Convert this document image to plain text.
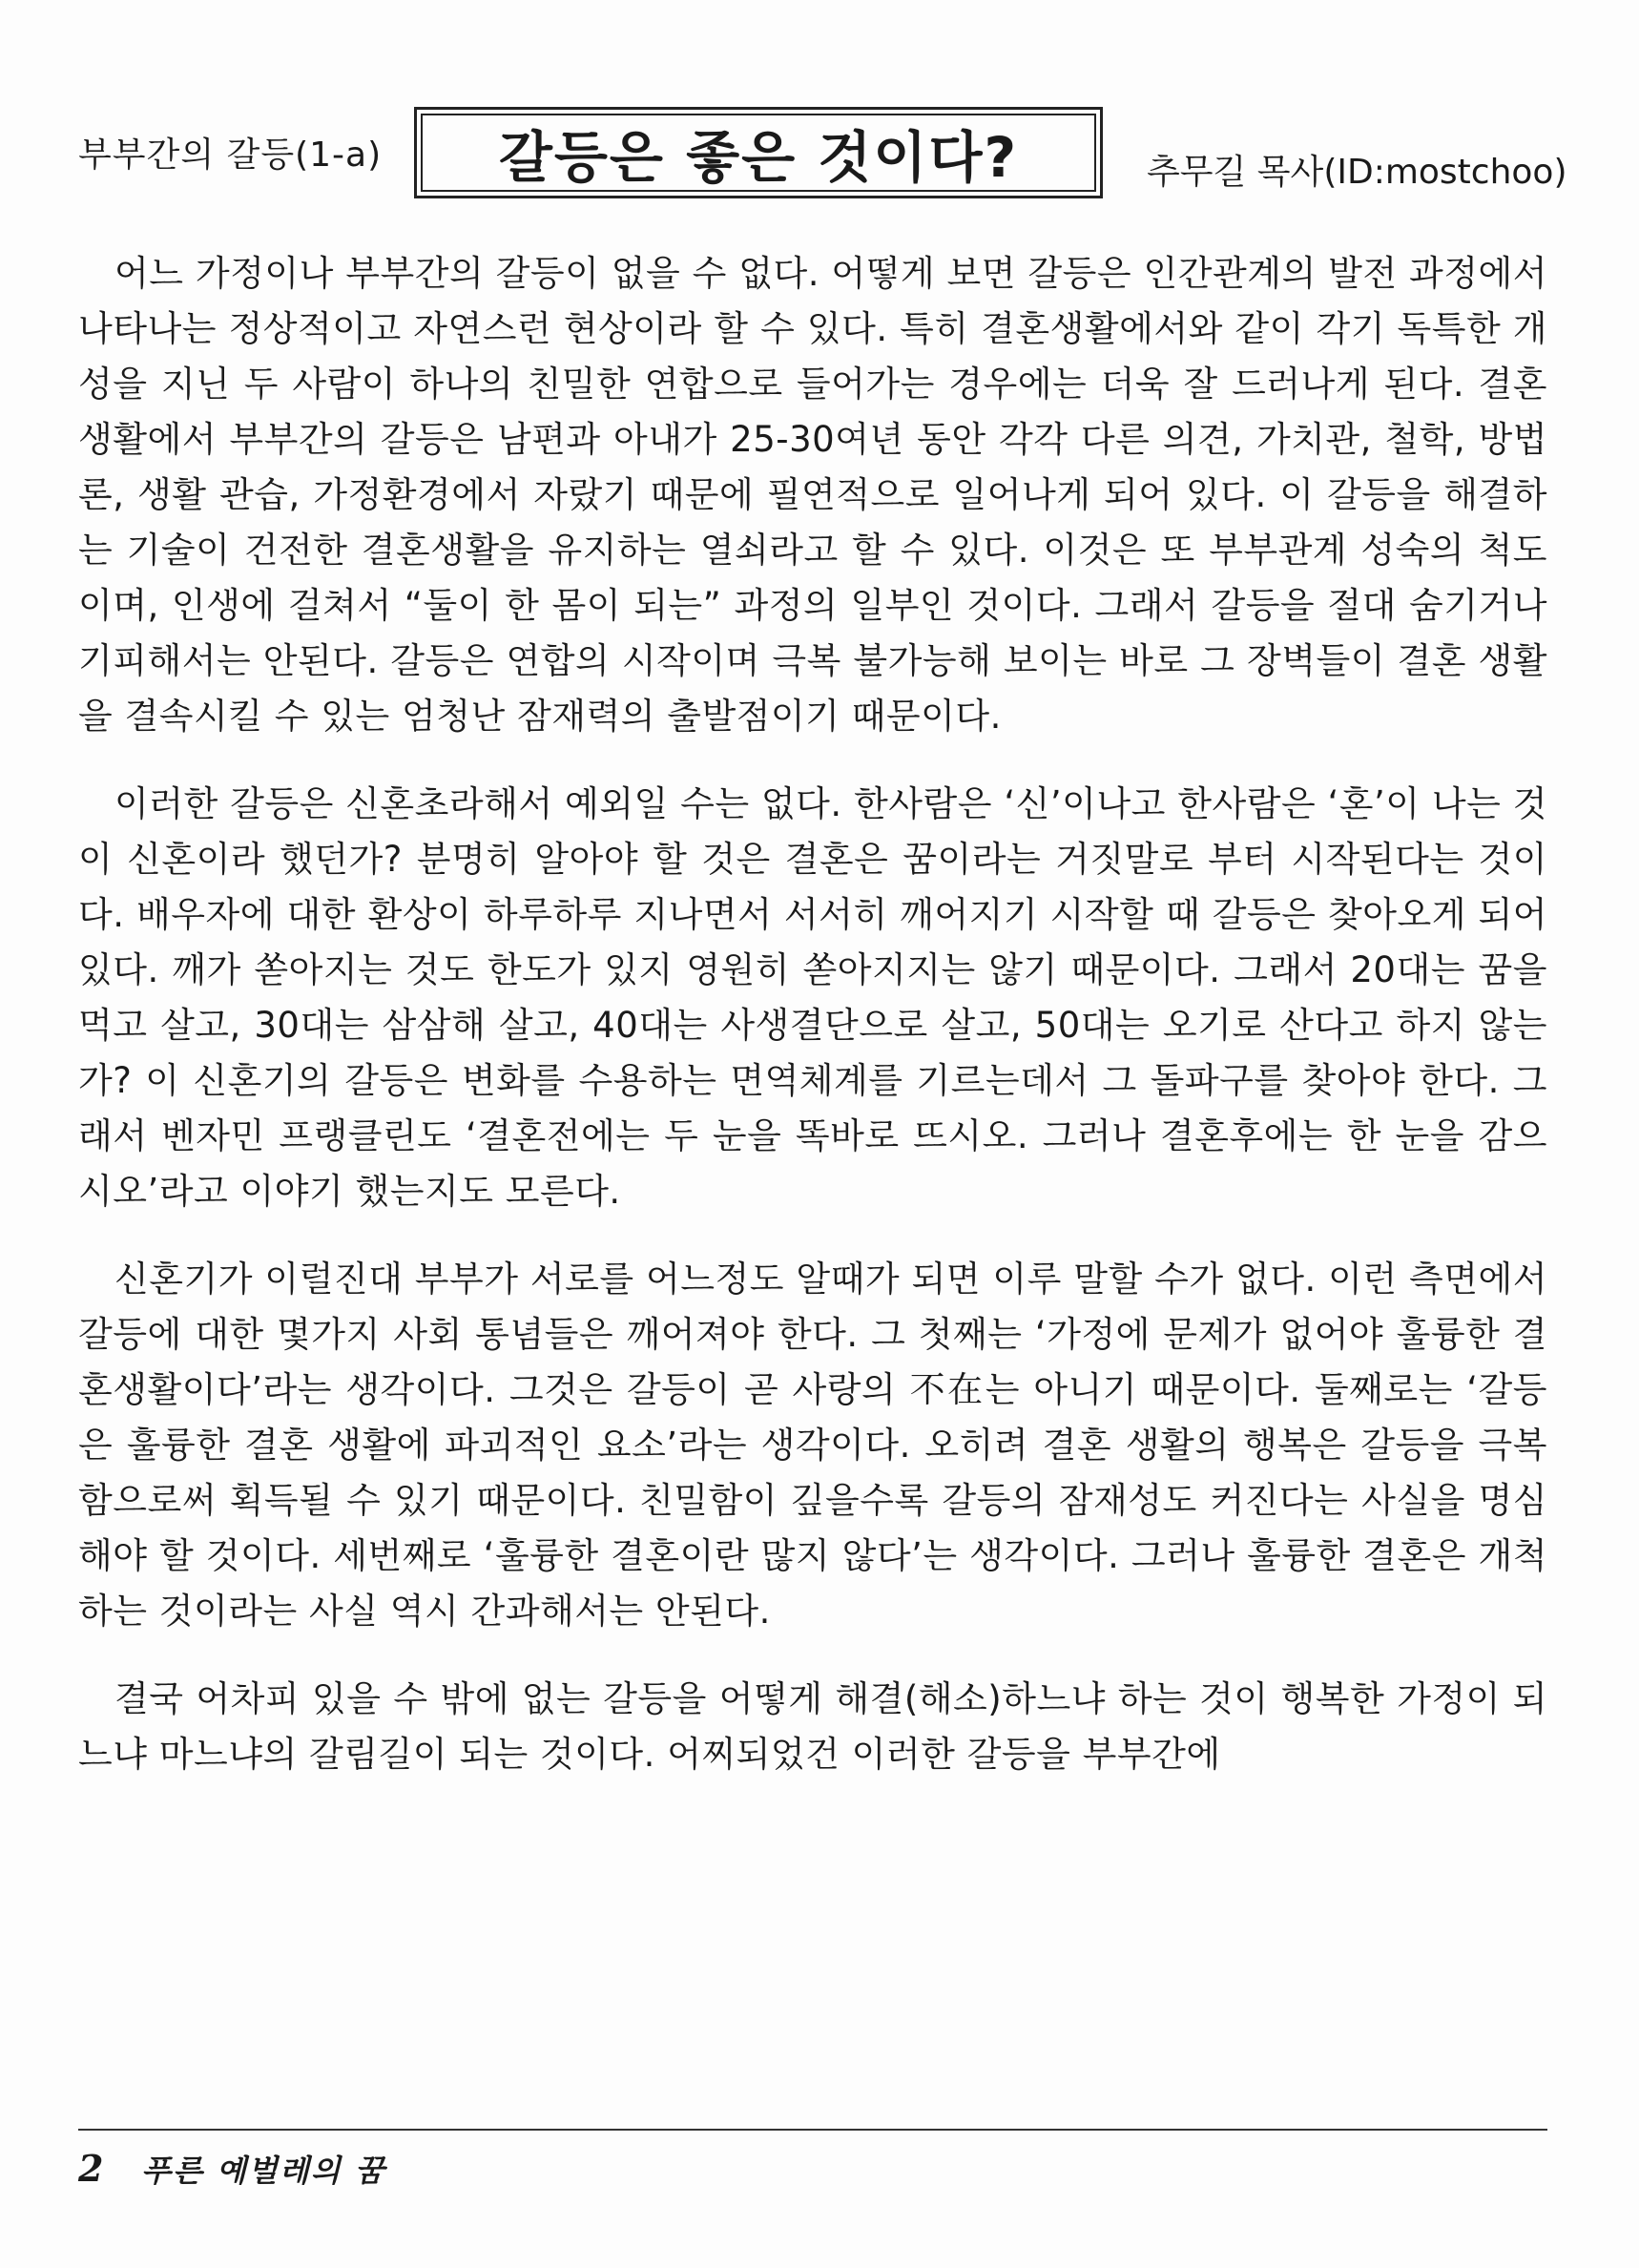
부부간의 갈등(1-a) 갈등은 좋은 것이다?	추무길 목사(ID:mostchoo)

어느 가정이나 부부간의 갈등이 없을 수 없다. 어떻게 보면 갈등은 인간관계의 발전 과정에서 나타나는 정상적이고 자연스런 현상이라 할 수 있다. 특히 결혼생활에서와 같이 각기 독특한 개성을 지닌 두 사람이 하나의 친밀한 연합으로 들어가는 경우에는 더욱 잘 드러나게 된다. 결혼 생활에서 부부간의 갈등은 남편과 아내가 25-30여년 동안 각각 다른 의견, 가치관, 철학, 방법론, 생활 관습, 가정환경에서 자랐기 때문에 필연적으로 일어나게 되어 있다. 이 갈등을 해결하는 기술이 건전한 결혼생활을 유지하는 열쇠라고 할 수 있다. 이것은 또 부부관계 성숙의 척도이며, 인생에 걸쳐서 “둘이 한 몸이 되는” 과정의 일부인 것이다. 그래서 갈등을 절대 숨기거나 기피해서는 안된다. 갈등은 연합의 시작이며 극복 불가능해 보이는 바로 그 장벽들이 결혼 생활을 결속시킬 수 있는 엄청난 잠재력의 출발점이기 때문이다.

이러한 갈등은 신혼초라해서 예외일 수는 없다. 한사람은 ‘신’이나고 한사람은 ‘혼’이 나는 것이 신혼이라 했던가? 분명히 알아야 할 것은 결혼은 꿈이라는 거짓말로 부터 시작된다는 것이다. 배우자에 대한 환상이 하루하루 지나면서 서서히 깨어지기 시작할 때 갈등은 찾아오게 되어 있다. 깨가 쏟아지는 것도 한도가 있지 영원히 쏟아지지는 않기 때문이다. 그래서 20대는 꿈을 먹고 살고, 30대는 삼삼해 살고, 40대는 사생결단으로 살고, 50대는 오기로 산다고 하지 않는가? 이 신혼기의 갈등은 변화를 수용하는 면역체계를 기르는데서 그 돌파구를 찾아야 한다. 그래서 벤자민 프랭클린도 ‘결혼전에는 두 눈을 똑바로 뜨시오. 그러나 결혼후에는 한 눈을 감으시오’라고 이야기 했는지도 모른다.

신혼기가 이럴진대 부부가 서로를 어느정도 알때가 되면 이루 말할 수가 없다. 이런 측면에서 갈등에 대한 몇가지 사회 통념들은 깨어져야 한다. 그 첫째는 ‘가정에 문제가 없어야 훌륭한 결혼생활이다’라는 생각이다. 그것은 갈등이 곧 사랑의 不在는 아니기 때문이다. 둘째로는 ‘갈등은 훌륭한 결혼 생활에 파괴적인 요소’라는 생각이다. 오히려 결혼 생활의 행복은 갈등을 극복함으로써 획득될 수 있기 때문이다. 친밀함이 깊을수록 갈등의 잠재성도 커진다는 사실을 명심해야 할 것이다. 세번째로 ‘훌륭한 결혼이란 많지 않다’는 생각이다. 그러나 훌륭한 결혼은 개척하는 것이라는 사실 역시 간과해서는 안된다.

결국 어차피 있을 수 밖에 없는 갈등을 어떻게 해결(해소)하느냐 하는 것이 행복한 가정이 되느냐 마느냐의 갈림길이 되는 것이다. 어찌되었건 이러한 갈등을 부부간에

2 푸른 예벌레의 꿈
